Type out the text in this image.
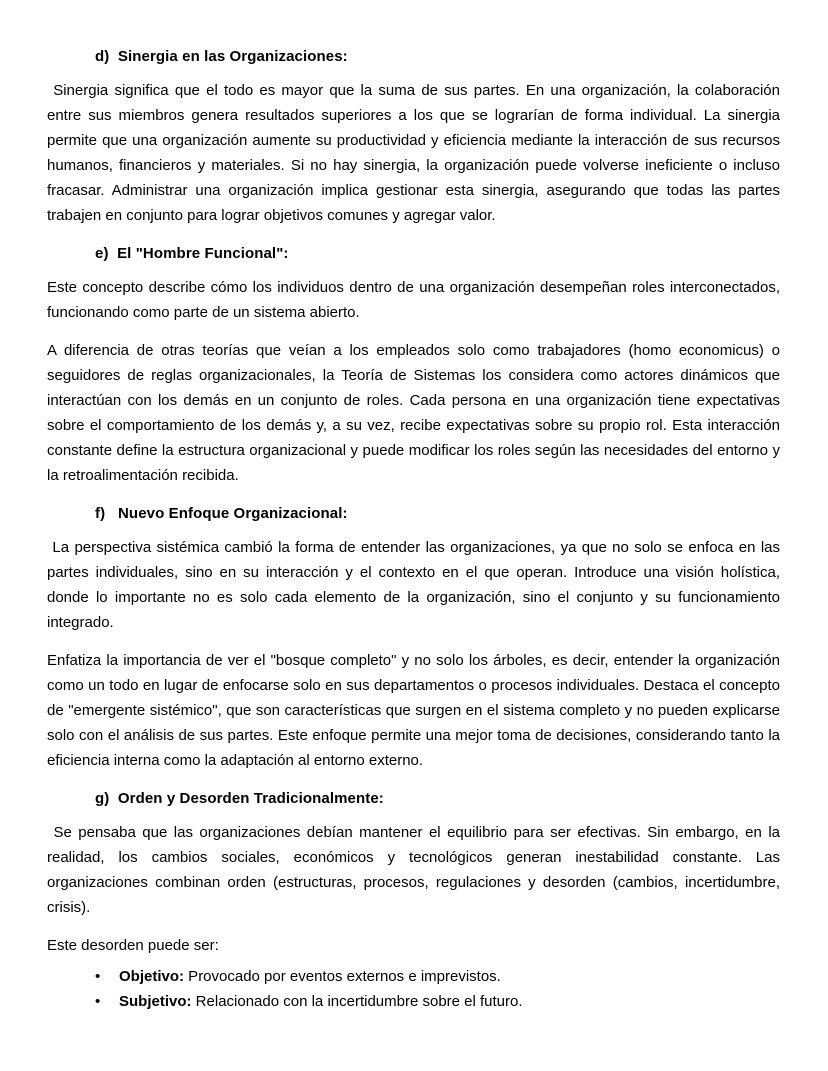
d)  Sinergia en las Organizaciones:

Sinergia significa que el todo es mayor que la suma de sus partes. En una organización, la colaboración entre sus miembros genera resultados superiores a los que se lograrían de forma individual. La sinergia permite que una organización aumente su productividad y eficiencia mediante la interacción de sus recursos humanos, financieros y materiales. Si no hay sinergia, la organización puede volverse ineficiente o incluso fracasar. Administrar una organización implica gestionar esta sinergia, asegurando que todas las partes trabajen en conjunto para lograr objetivos comunes y agregar valor.

e)  El "Hombre Funcional":

Este concepto describe cómo los individuos dentro de una organización desempeñan roles interconectados, funcionando como parte de un sistema abierto.

A diferencia de otras teorías que veían a los empleados solo como trabajadores (homo economicus) o seguidores de reglas organizacionales, la Teoría de Sistemas los considera como actores dinámicos que interactúan con los demás en un conjunto de roles. Cada persona en una organización tiene expectativas sobre el comportamiento de los demás y, a su vez, recibe expectativas sobre su propio rol. Esta interacción constante define la estructura organizacional y puede modificar los roles según las necesidades del entorno y la retroalimentación recibida.

f)   Nuevo Enfoque Organizacional:

La perspectiva sistémica cambió la forma de entender las organizaciones, ya que no solo se enfoca en las partes individuales, sino en su interacción y el contexto en el que operan. Introduce una visión holística, donde lo importante no es solo cada elemento de la organización, sino el conjunto y su funcionamiento integrado.

Enfatiza la importancia de ver el "bosque completo" y no solo los árboles, es decir, entender la organización como un todo en lugar de enfocarse solo en sus departamentos o procesos individuales. Destaca el concepto de "emergente sistémico", que son características que surgen en el sistema completo y no pueden explicarse solo con el análisis de sus partes. Este enfoque permite una mejor toma de decisiones, considerando tanto la eficiencia interna como la adaptación al entorno externo.

g)  Orden y Desorden Tradicionalmente:

Se pensaba que las organizaciones debían mantener el equilibrio para ser efectivas. Sin embargo, en la realidad, los cambios sociales, económicos y tecnológicos generan inestabilidad constante. Las organizaciones combinan orden (estructuras, procesos, regulaciones y desorden (cambios, incertidumbre, crisis).

Este desorden puede ser:

• Objetivo: Provocado por eventos externos e imprevistos.
• Subjetivo: Relacionado con la incertidumbre sobre el futuro.
